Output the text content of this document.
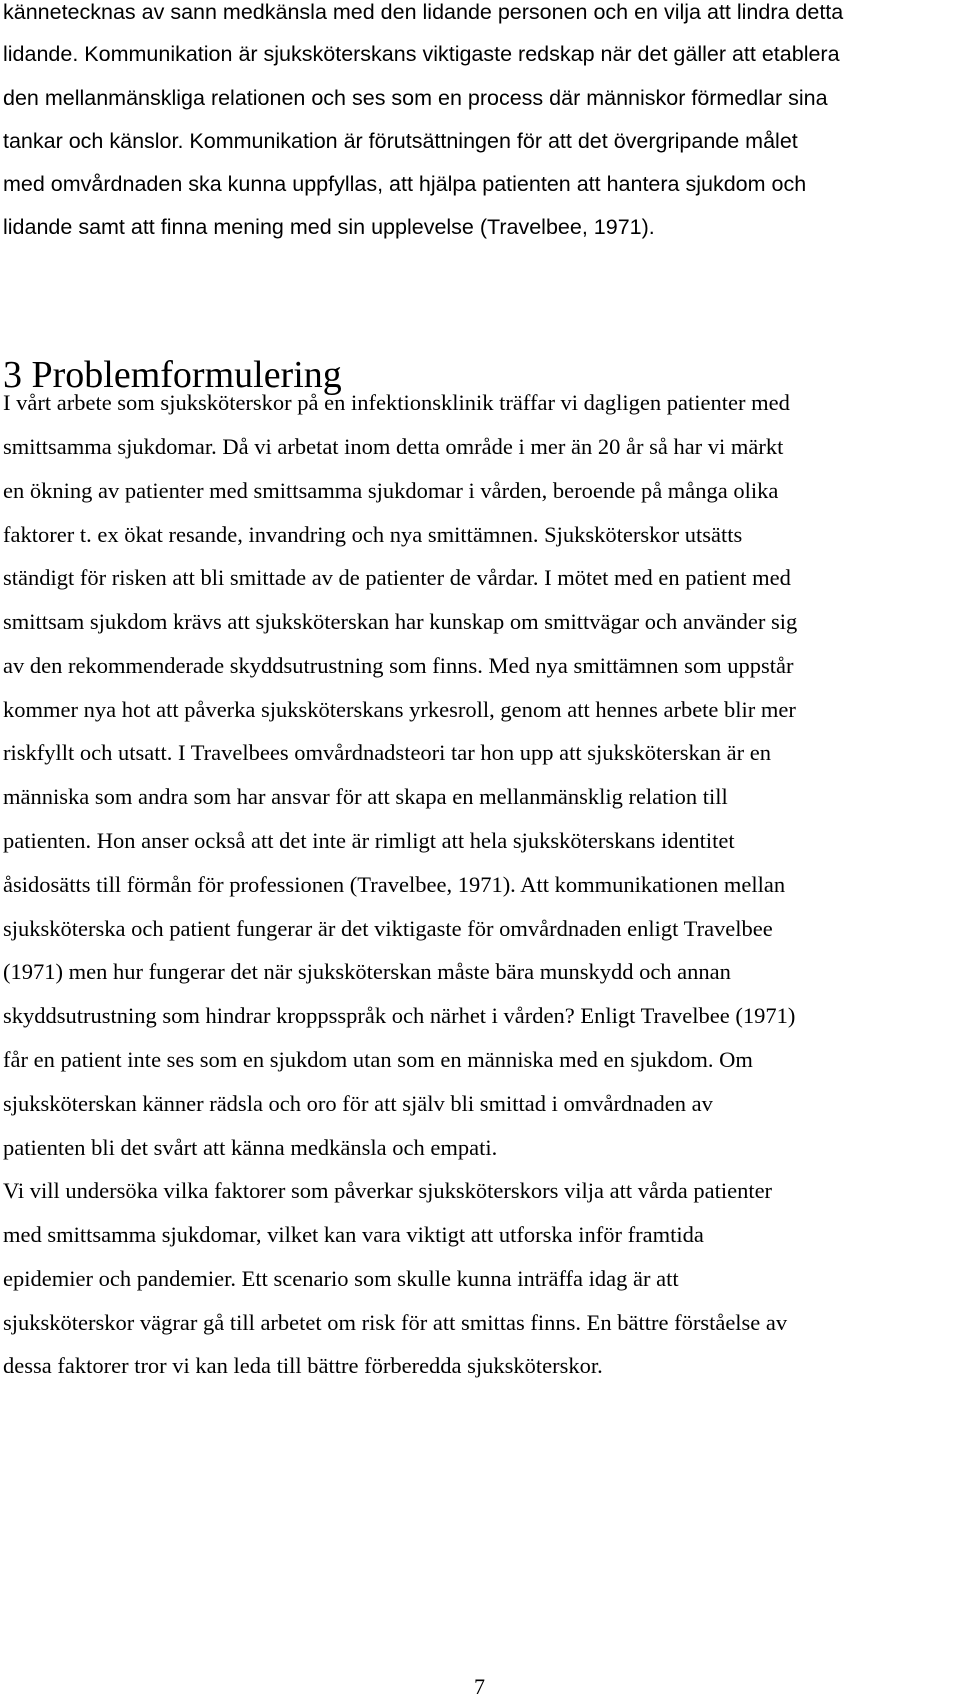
kännetecknas av sann medkänsla med den lidande personen och en vilja att lindra detta
lidande. Kommunikation är sjuksköterskans viktigaste redskap när det gäller att etablera
den mellanmänskliga relationen och ses som en process där människor förmedlar sina
tankar och känslor. Kommunikation är förutsättningen för att det övergripande målet
med omvårdnaden ska kunna uppfyllas, att hjälpa patienten att hantera sjukdom och
lidande samt att finna mening med sin upplevelse (Travelbee, 1971).
3 Problemformulering
I vårt arbete som sjuksköterskor på en infektionsklinik träffar vi dagligen patienter med
smittsamma sjukdomar. Då vi arbetat inom detta område i mer än 20 år så har vi märkt
en ökning av patienter med smittsamma sjukdomar i vården, beroende på många olika
faktorer t. ex ökat resande, invandring och nya smittämnen. Sjuksköterskor utsätts
ständigt för risken att bli smittade av de patienter de vårdar. I mötet med en patient med
smittsam sjukdom krävs att sjuksköterskan har kunskap om smittvägar och använder sig
av den rekommenderade skyddsutrustning som finns. Med nya smittämnen som uppstår
kommer nya hot att påverka sjuksköterskans yrkesroll, genom att hennes arbete blir mer
riskfyllt och utsatt. I Travelbees omvårdnadsteori tar hon upp att sjuksköterskan är en
människa som andra som har ansvar för att skapa en mellanmänsklig relation till
patienten. Hon anser också att det inte är rimligt att hela sjuksköterskans identitet
åsidosätts till förmån för professionen (Travelbee, 1971). Att kommunikationen mellan
sjuksköterska och patient fungerar är det viktigaste för omvårdnaden enligt Travelbee
(1971) men hur fungerar det när sjuksköterskan måste bära munskydd och annan
skyddsutrustning som hindrar kroppsspråk och närhet i vården? Enligt Travelbee (1971)
får en patient inte ses som en sjukdom utan som en människa med en sjukdom. Om
sjuksköterskan känner rädsla och oro för att själv bli smittad i omvårdnaden av
patienten bli det svårt att känna medkänsla och empati.
Vi vill undersöka vilka faktorer som påverkar sjuksköterskors vilja att vårda patienter
med smittsamma sjukdomar, vilket kan vara viktigt att utforska inför framtida
epidemier och pandemier. Ett scenario som skulle kunna inträffa idag är att
sjuksköterskor vägrar gå till arbetet om risk för att smittas finns. En bättre förståelse av
dessa faktorer tror vi kan leda till bättre förberedda sjuksköterskor.
7
